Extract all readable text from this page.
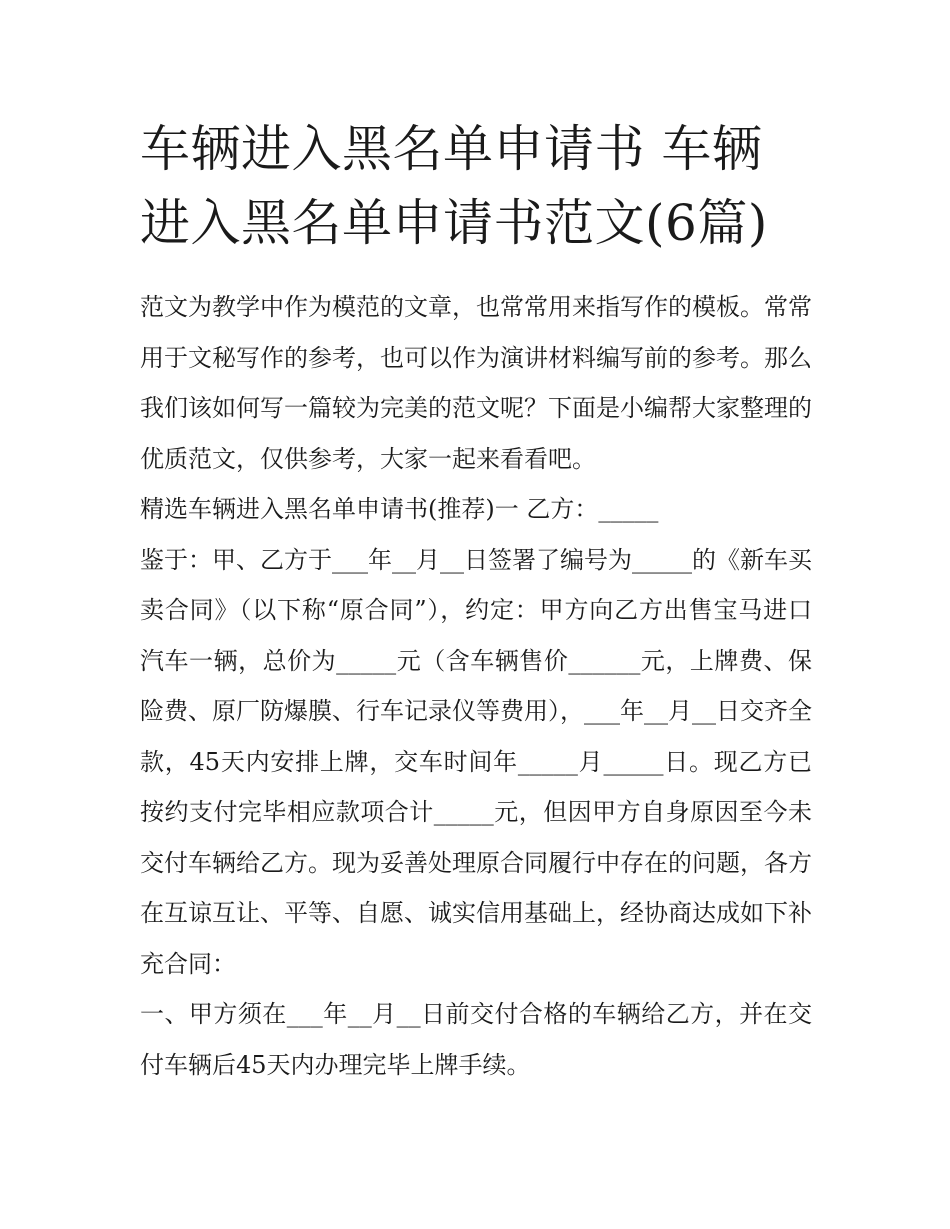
车辆进入黑名单申请书 车辆进入黑名单申请书范文(6篇)

范文为教学中作为模范的文章，也常常用来指写作的模板。常常用于文秘写作的参考，也可以作为演讲材料编写前的参考。那么我们该如何写一篇较为完美的范文呢？下面是小编帮大家整理的优质范文，仅供参考，大家一起来看看吧。

精选车辆进入黑名单申请书(推荐)一 乙方：_____

鉴于：甲、乙方于___年__月__日签署了编号为_____的《新车买卖合同》（以下称“原合同”），约定：甲方向乙方出售宝马进口汽车一辆，总价为_____元（含车辆售价______元，上牌费、保险费、原厂防爆膜、行车记录仪等费用），___年__月__日交齐全款，45天内安排上牌，交车时间年_____月_____日。现乙方已按约支付完毕相应款项合计_____元，但因甲方自身原因至今未交付车辆给乙方。现为妥善处理原合同履行中存在的问题，各方在互谅互让、平等、自愿、诚实信用基础上，经协商达成如下补充合同：

一、甲方须在___年__月__日前交付合格的车辆给乙方，并在交付车辆后45天内办理完毕上牌手续。
